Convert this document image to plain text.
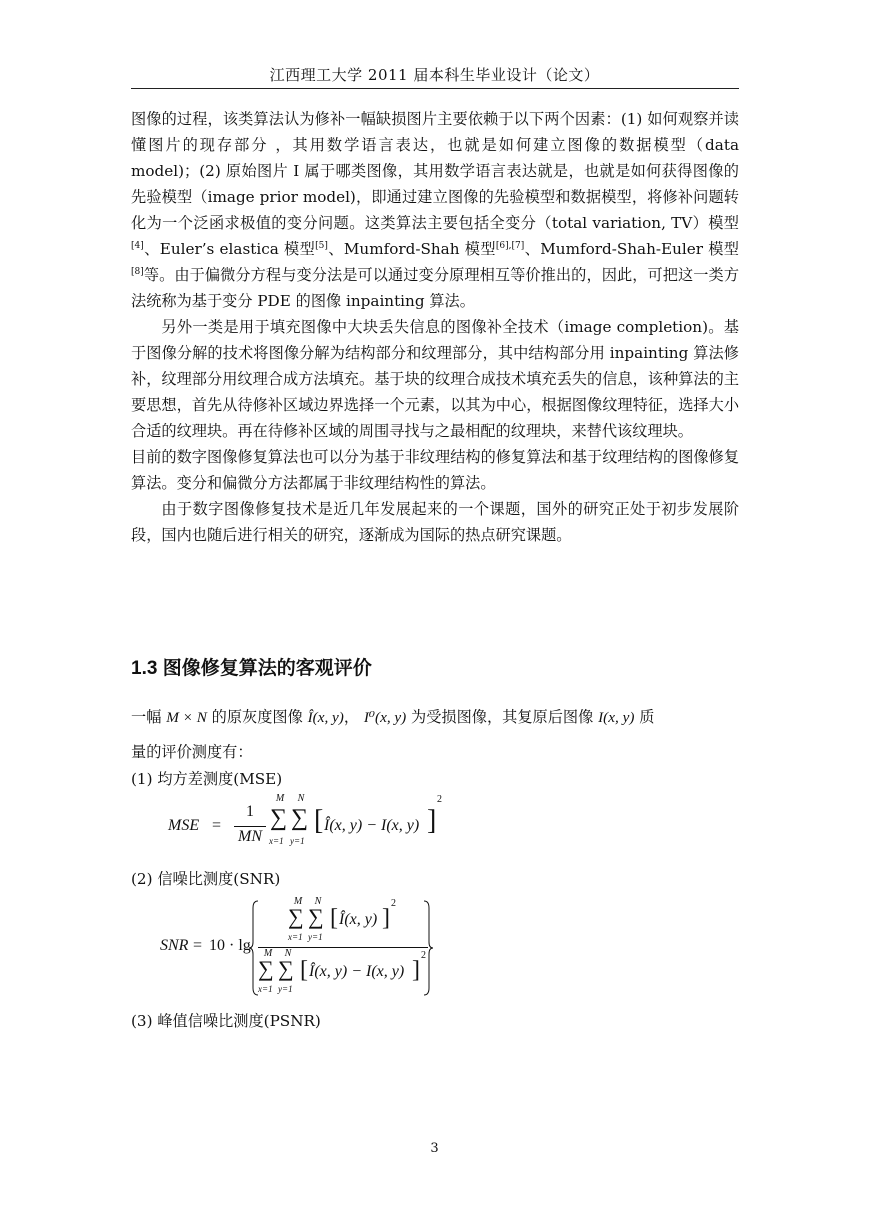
江西理工大学 2011 届本科生毕业设计（论文）

图像的过程，该类算法认为修补一幅缺损图片主要依赖于以下两个因素：(1) 如何观察并读懂图片的现存部分 ，其用数学语言表达，也就是如何建立图像的数据模型（data model)；(2) 原始图片 I 属于哪类图像，其用数学语言表达就是，也就是如何获得图像的先验模型（image prior model)，即通过建立图像的先验模型和数据模型，将修补问题转化为一个泛函求极值的变分问题。这类算法主要包括全变分（total variation, TV）模型[4]、Euler’s elastica 模型[5]、Mumford-Shah 模型[6],[7]、Mumford-Shah-Euler 模型[8]等。由于偏微分方程与变分法是可以通过变分原理相互等价推出的，因此，可把这一类方法统称为基于变分 PDE 的图像 inpainting 算法。

另外一类是用于填充图像中大块丢失信息的图像补全技术（image completion)。基于图像分解的技术将图像分解为结构部分和纹理部分，其中结构部分用 inpainting 算法修补，纹理部分用纹理合成方法填充。基于块的纹理合成技术填充丢失的信息，该种算法的主要思想，首先从待修补区域边界选择一个元素，以其为中心，根据图像纹理特征，选择大小合适的纹理块。再在待修补区域的周围寻找与之最相配的纹理块，来替代该纹理块。

目前的数字图像修复算法也可以分为基于非纹理结构的修复算法和基于纹理结构的图像修复算法。变分和偏微分方法都属于非纹理结构性的算法。

由于数字图像修复技术是近几年发展起来的一个课题，国外的研究正处于初步发展阶段，国内也随后进行相关的研究，逐渐成为国际的热点研究课题。

1.3 图像修复算法的客观评价
一幅 M × N 的原灰度图像 Î(x, y)， I⁰(x, y) 为受损图像，其复原后图像 I(x, y) 质
量的评价测度有：
(1) 均方差测度(MSE)
MSE =
1
MN
M
∑
x=1
N
∑
y=1
[ Î(x, y) − I(x, y) ]
2
(2) 信噪比测度(SNR)
SNR = 10 · lg
M
∑
x=1
N
∑
y=1
[ Î(x, y) ]
2
M
∑
x=1
N
∑
y=1
[ Î(x, y) − I(x, y) ]
2
(3) 峰值信噪比测度(PSNR)
3
